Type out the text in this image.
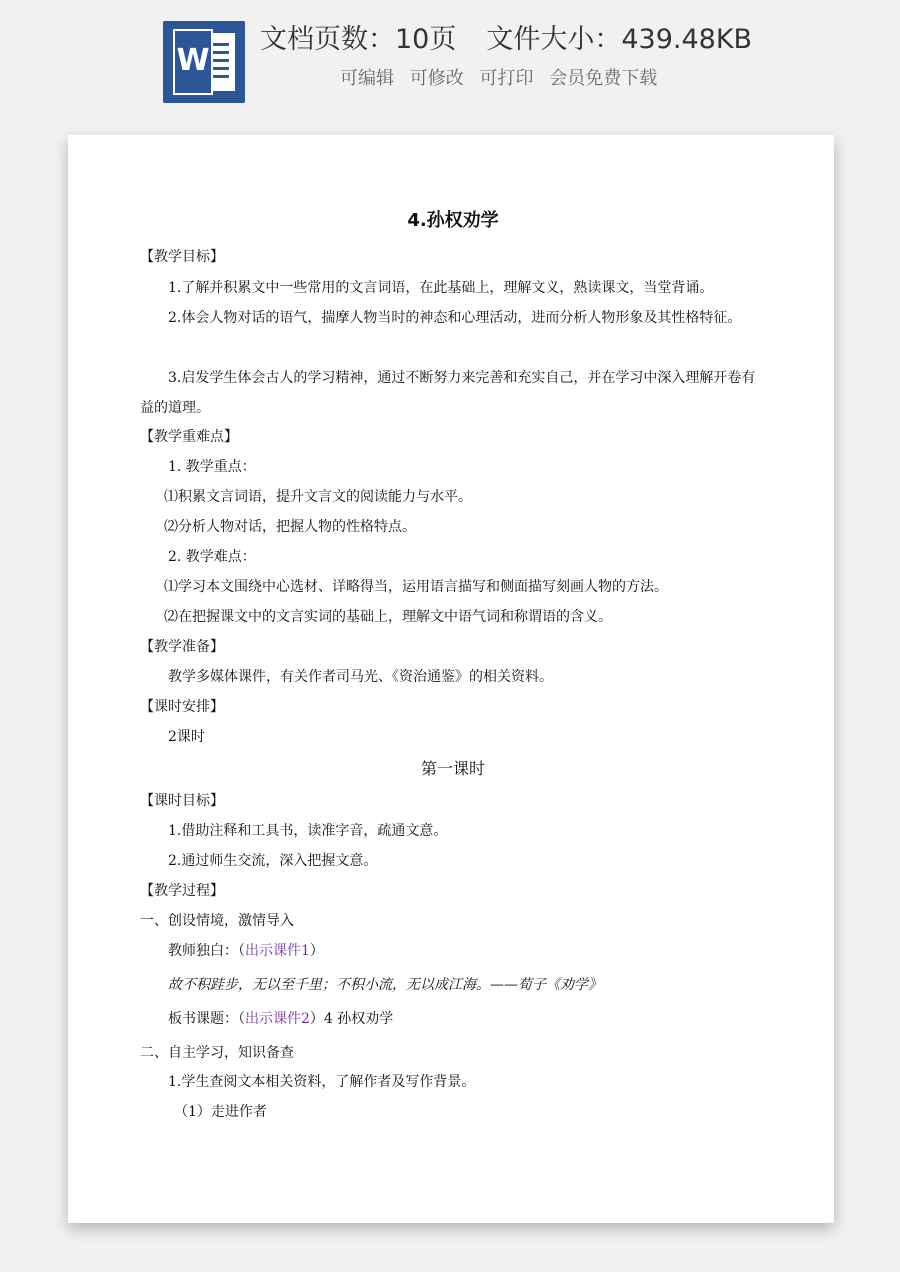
W
文档页数：10页 文件大小：439.48KB
可编辑 可修改 可打印 会员免费下载
4.孙权劝学
【教学目标】
1.了解并积累文中一些常用的文言词语，在此基础上，理解文义，熟读课文，当堂背诵。
2.体会人物对话的语气，揣摩人物当时的神态和心理活动，进而分析人物形象及其性格特征。
3.启发学生体会古人的学习精神，通过不断努力来完善和充实自己，并在学习中深入理解开卷有益的道理。
【教学重难点】
1. 教学重点：
⑴积累文言词语，提升文言文的阅读能力与水平。
⑵分析人物对话，把握人物的性格特点。
2. 教学难点：
⑴学习本文围绕中心选材、详略得当，运用语言描写和侧面描写刻画人物的方法。
⑵在把握课文中的文言实词的基础上，理解文中语气词和称谓语的含义。
【教学准备】
教学多媒体课件，有关作者司马光、《资治通鉴》的相关资料。
【课时安排】
2课时
第一课时
【课时目标】
1.借助注释和工具书，读准字音，疏通文意。
2.通过师生交流，深入把握文意。
【教学过程】
一、创设情境，激情导入
教师独白：（出示课件1）
故不积跬步，无以至千里；不积小流，无以成江海。——荀子《劝学》
板书课题：（出示课件2）4 孙权劝学
二、自主学习，知识备查
1.学生查阅文本相关资料，了解作者及写作背景。
（1）走进作者
